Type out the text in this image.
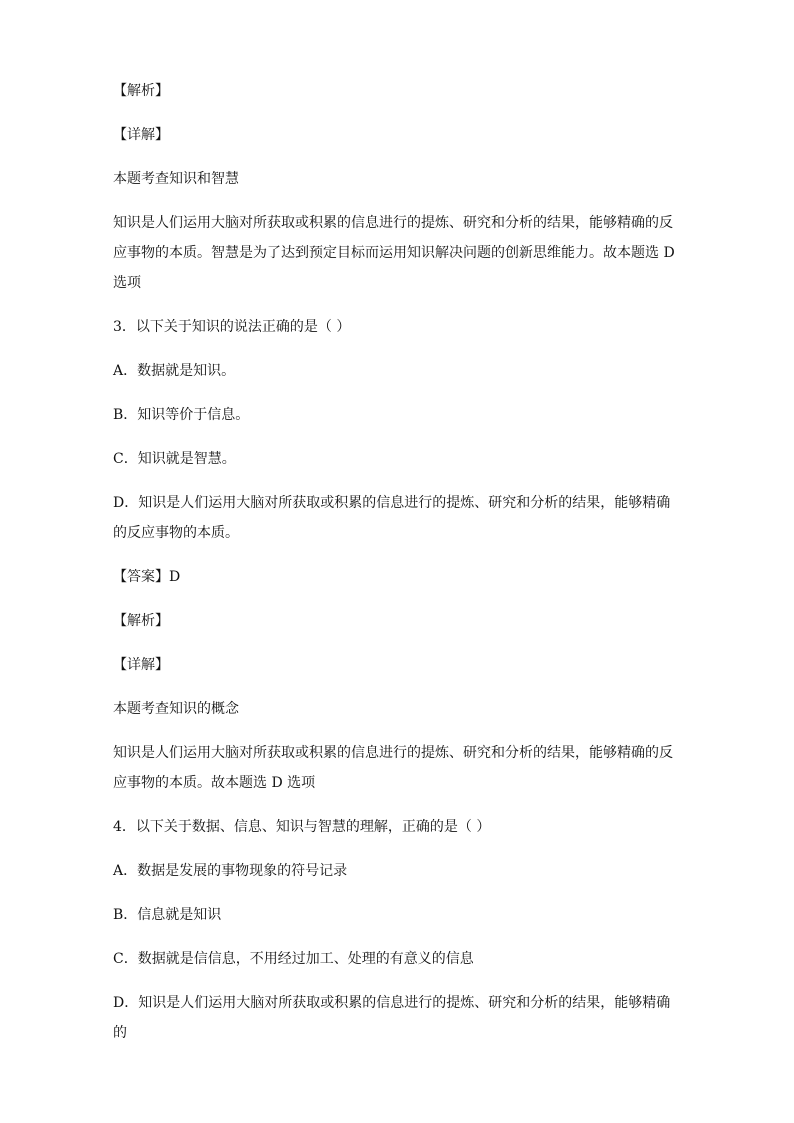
【解析】

【详解】

本题考查知识和智慧

知识是人们运用大脑对所获取或积累的信息进行的提炼、研究和分析的结果，能够精确的反应事物的本质。智慧是为了达到预定目标而运用知识解决问题的创新思维能力。故本题选 D 选项

3．以下关于知识的说法正确的是（ ）

A．数据就是知识。

B．知识等价于信息。

C．知识就是智慧。

D．知识是人们运用大脑对所获取或积累的信息进行的提炼、研究和分析的结果，能够精确的反应事物的本质。

【答案】D

【解析】

【详解】

本题考查知识的概念

知识是人们运用大脑对所获取或积累的信息进行的提炼、研究和分析的结果，能够精确的反应事物的本质。故本题选 D 选项

4．以下关于数据、信息、知识与智慧的理解，正确的是（ ）

A．数据是发展的事物现象的符号记录

B．信息就是知识

C．数据就是信信息，不用经过加工、处理的有意义的信息

D．知识是人们运用大脑对所获取或积累的信息进行的提炼、研究和分析的结果，能够精确的
